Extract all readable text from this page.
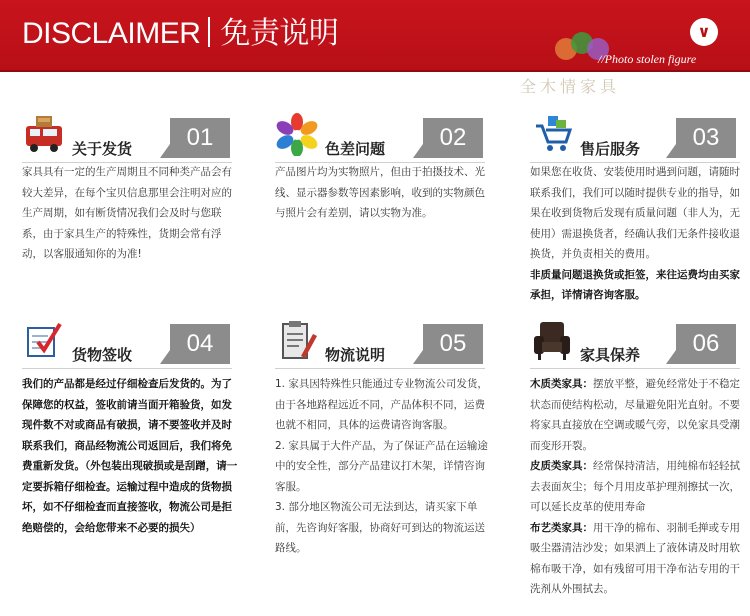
DISCLAIMER 免责说明	∨
//Photo stolen figure
全木情家具
关于发货	01

家具具有一定的生产周期且不同种类产品会有较大差异，在每个宝贝信息那里会注明对应的生产周期，如有断货情况我们会及时与您联系，由于家具生产的特殊性，货期会常有浮动，以客服通知你的为准!

色差问题	02

产品图片均为实物照片，但由于拍摄技术、光线、显示器参数等因素影响，收到的实物颜色与照片会有差别，请以实物为准。

售后服务	03

如果您在收货、安装使用时遇到问题，请随时联系我们，我们可以随时提供专业的指导，如果在收到货物后发现有质量问题（非人为，无使用）需退换货者，经确认我们无条件接收退换货，并负责相关的费用。

非质量问题退换货或拒签，来往运费均由买家承担，详情请咨询客服。

货物签收	04

我们的产品都是经过仔细检查后发货的。为了保障您的权益，签收前请当面开箱验货，如发现件数不对或商品有破损，请不要签收并及时联系我们，商品经物流公司返回后，我们将免费重新发货。（外包装出现破损或是刮蹭，请一定要拆箱仔细检查。运输过程中造成的货物损坏，如不仔细检查而直接签收，物流公司是拒绝赔偿的，会给您带来不必要的损失）

物流说明	05

1. 家具因特殊性只能通过专业物流公司发货，由于各地路程远近不同，产品体积不同，运费也就不相同，具体的运费请咨询客服。

2. 家具属于大件产品，为了保证产品在运输途中的安全性，部分产品建议打木架，详情咨询客服。

3. 部分地区物流公司无法到达，请买家下单前，先咨询好客服，协商好可到达的物流运送路线。

家具保养	06

木质类家具：摆放平整，避免经常处于不稳定状态而使结构松动，尽量避免阳光直射。不要将家具直接放在空调或暖气旁，以免家具受潮而变形开裂。

皮质类家具：经常保持清洁，用纯棉布轻轻拭去表面灰尘；每个月用皮革护理剂擦拭一次，可以延长皮革的使用寿命

布艺类家具：用干净的棉布、羽制毛掸或专用吸尘器清洁沙发；如果洒上了液体请及时用软棉布吸干净，如有残留可用干净布沾专用的干洗剂从外围拭去。
